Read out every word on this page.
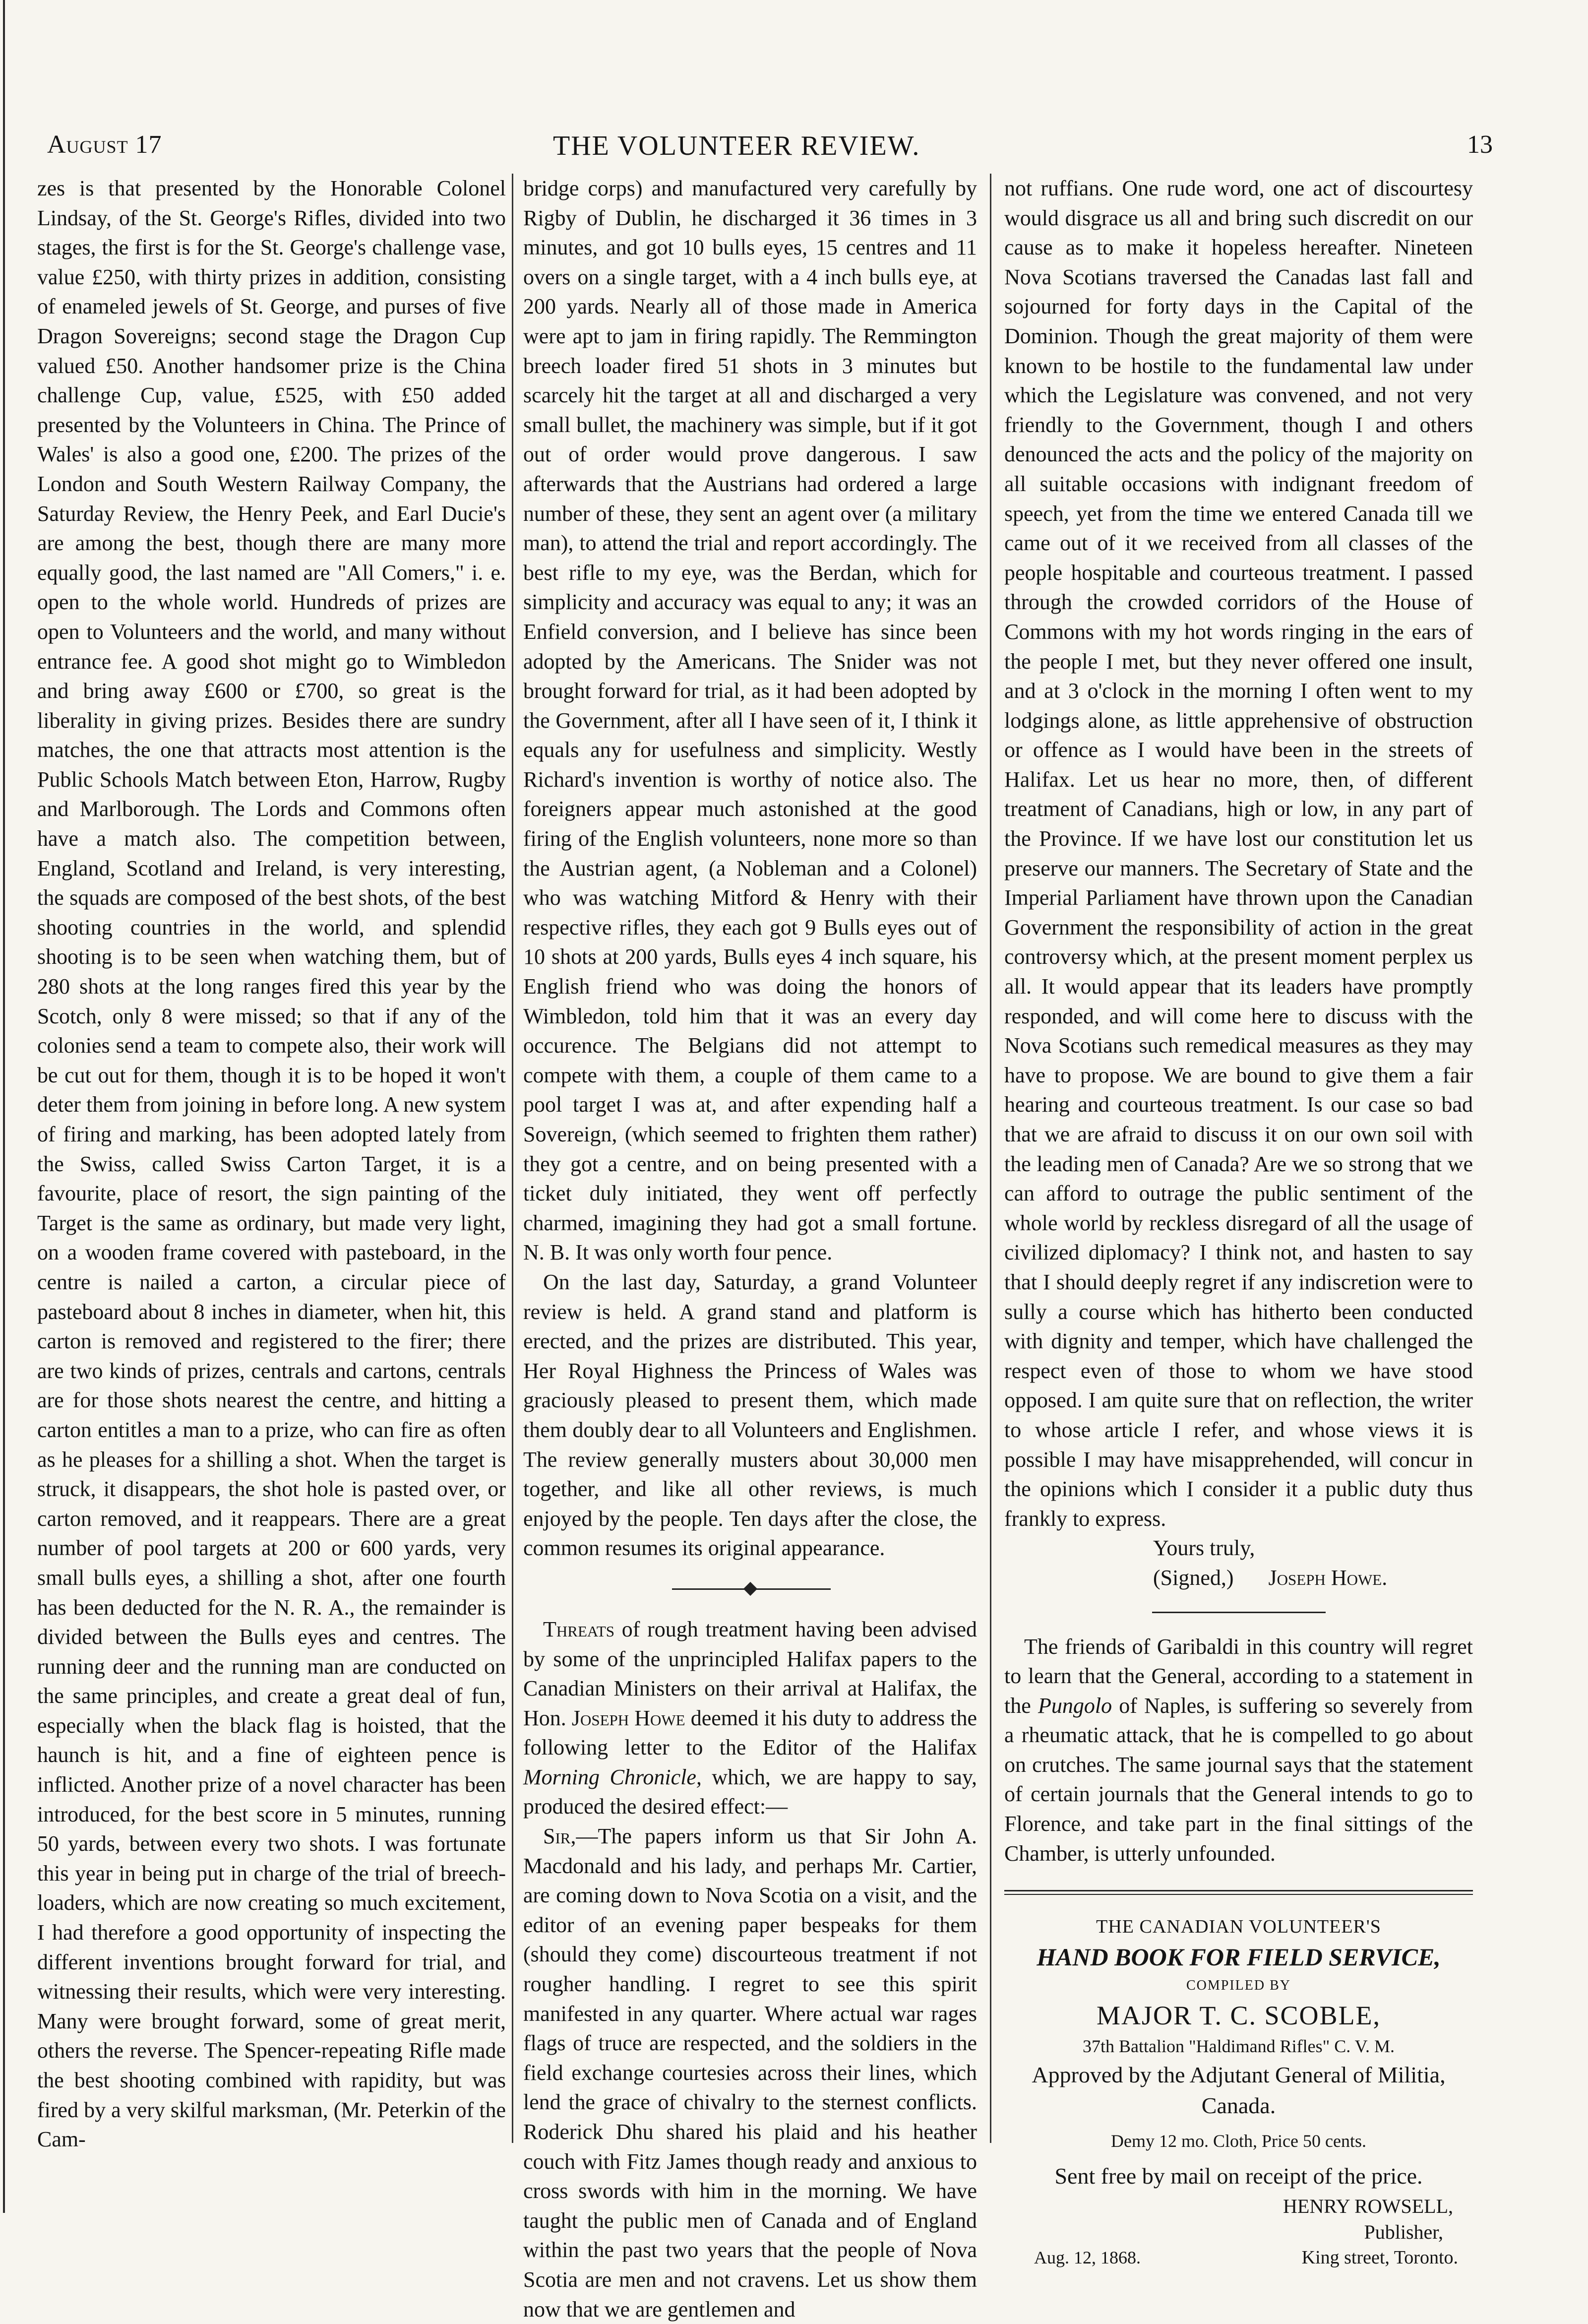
August 17	THE VOLUNTEER REVIEW.	13

zes is that presented by the Honorable Colonel Lindsay, of the St. George's Rifles, divided into two stages, the first is for the St. George's challenge vase, value £250, with thirty prizes in addition, consisting of enameled jewels of St. George, and purses of five Dragon Sovereigns; second stage the Dragon Cup valued £50. Another handsomer prize is the China challenge Cup, value, £525, with £50 added presented by the Volunteers in China. The Prince of Wales' is also a good one, £200. The prizes of the London and South Western Railway Company, the Saturday Review, the Henry Peek, and Earl Ducie's are among the best, though there are many more equally good, the last named are "All Comers," i. e. open to the whole world. Hundreds of prizes are open to Volunteers and the world, and many without entrance fee. A good shot might go to Wimbledon and bring away £600 or £700, so great is the liberality in giving prizes. Besides there are sundry matches, the one that attracts most attention is the Public Schools Match between Eton, Harrow, Rugby and Marlborough. The Lords and Commons often have a match also. The competition between, England, Scotland and Ireland, is very interesting, the squads are composed of the best shots, of the best shooting countries in the world, and splendid shooting is to be seen when watching them, but of 280 shots at the long ranges fired this year by the Scotch, only 8 were missed; so that if any of the colonies send a team to compete also, their work will be cut out for them, though it is to be hoped it won't deter them from joining in before long. A new system of firing and marking, has been adopted lately from the Swiss, called Swiss Carton Target, it is a favourite, place of resort, the sign painting of the Target is the same as ordinary, but made very light, on a wooden frame covered with pasteboard, in the centre is nailed a carton, a circular piece of pasteboard about 8 inches in diameter, when hit, this carton is removed and registered to the firer; there are two kinds of prizes, centrals and cartons, centrals are for those shots nearest the centre, and hitting a carton entitles a man to a prize, who can fire as often as he pleases for a shilling a shot. When the target is struck, it disappears, the shot hole is pasted over, or carton removed, and it reappears. There are a great number of pool targets at 200 or 600 yards, very small bulls eyes, a shilling a shot, after one fourth has been deducted for the N. R. A., the remainder is divided between the Bulls eyes and centres. The running deer and the running man are conducted on the same principles, and create a great deal of fun, especially when the black flag is hoisted, that the haunch is hit, and a fine of eighteen pence is inflicted. Another prize of a novel character has been introduced, for the best score in 5 minutes, running 50 yards, between every two shots. I was fortunate this year in being put in charge of the trial of breech-loaders, which are now creating so much excitement, I had therefore a good opportunity of inspecting the different inventions brought forward for trial, and witnessing their results, which were very interesting. Many were brought forward, some of great merit, others the reverse. The Spencer-repeating Rifle made the best shooting combined with rapidity, but was fired by a very skilful marksman, (Mr. Peterkin of the Cam-

bridge corps) and manufactured very carefully by Rigby of Dublin, he discharged it 36 times in 3 minutes, and got 10 bulls eyes, 15 centres and 11 overs on a single target, with a 4 inch bulls eye, at 200 yards. Nearly all of those made in America were apt to jam in firing rapidly. The Remmington breech loader fired 51 shots in 3 minutes but scarcely hit the target at all and discharged a very small bullet, the machinery was simple, but if it got out of order would prove dangerous. I saw afterwards that the Austrians had ordered a large number of these, they sent an agent over (a military man), to attend the trial and report accordingly. The best rifle to my eye, was the Berdan, which for simplicity and accuracy was equal to any; it was an Enfield conversion, and I believe has since been adopted by the Americans. The Snider was not brought forward for trial, as it had been adopted by the Government, after all I have seen of it, I think it equals any for usefulness and simplicity. Westly Richard's invention is worthy of notice also. The foreigners appear much astonished at the good firing of the English volunteers, none more so than the Austrian agent, (a Nobleman and a Colonel) who was watching Mitford & Henry with their respective rifles, they each got 9 Bulls eyes out of 10 shots at 200 yards, Bulls eyes 4 inch square, his English friend who was doing the honors of Wimbledon, told him that it was an every day occurence. The Belgians did not attempt to compete with them, a couple of them came to a pool target I was at, and after expending half a Sovereign, (which seemed to frighten them rather) they got a centre, and on being presented with a ticket duly initiated, they went off perfectly charmed, imagining they had got a small fortune. N. B. It was only worth four pence.

On the last day, Saturday, a grand Volunteer review is held. A grand stand and platform is erected, and the prizes are distributed. This year, Her Royal Highness the Princess of Wales was graciously pleased to present them, which made them doubly dear to all Volunteers and Englishmen. The review generally musters about 30,000 men together, and like all other reviews, is much enjoyed by the people. Ten days after the close, the common resumes its original appearance.

Threats of rough treatment having been advised by some of the unprincipled Halifax papers to the Canadian Ministers on their arrival at Halifax, the Hon. Joseph Howe deemed it his duty to address the following letter to the Editor of the Halifax Morning Chronicle, which, we are happy to say, produced the desired effect:—

Sir,—The papers inform us that Sir John A. Macdonald and his lady, and perhaps Mr. Cartier, are coming down to Nova Scotia on a visit, and the editor of an evening paper bespeaks for them (should they come) discourteous treatment if not rougher handling. I regret to see this spirit manifested in any quarter. Where actual war rages flags of truce are respected, and the soldiers in the field exchange courtesies across their lines, which lend the grace of chivalry to the sternest conflicts. Roderick Dhu shared his plaid and his heather couch with Fitz James though ready and anxious to cross swords with him in the morning. We have taught the public men of Canada and of England within the past two years that the people of Nova Scotia are men and not cravens. Let us show them now that we are gentlemen and

not ruffians. One rude word, one act of discourtesy would disgrace us all and bring such discredit on our cause as to make it hopeless hereafter. Nineteen Nova Scotians traversed the Canadas last fall and sojourned for forty days in the Capital of the Dominion. Though the great majority of them were known to be hostile to the fundamental law under which the Legislature was convened, and not very friendly to the Government, though I and others denounced the acts and the policy of the majority on all suitable occasions with indignant freedom of speech, yet from the time we entered Canada till we came out of it we received from all classes of the people hospitable and courteous treatment. I passed through the crowded corridors of the House of Commons with my hot words ringing in the ears of the people I met, but they never offered one insult, and at 3 o'clock in the morning I often went to my lodgings alone, as little apprehensive of obstruction or offence as I would have been in the streets of Halifax. Let us hear no more, then, of different treatment of Canadians, high or low, in any part of the Province. If we have lost our constitution let us preserve our manners. The Secretary of State and the Imperial Parliament have thrown upon the Canadian Government the responsibility of action in the great controversy which, at the present moment perplex us all. It would appear that its leaders have promptly responded, and will come here to discuss with the Nova Scotians such remedical measures as they may have to propose. We are bound to give them a fair hearing and courteous treatment. Is our case so bad that we are afraid to discuss it on our own soil with the leading men of Canada? Are we so strong that we can afford to outrage the public sentiment of the whole world by reckless disregard of all the usage of civilized diplomacy? I think not, and hasten to say that I should deeply regret if any indiscretion were to sully a course which has hitherto been conducted with dignity and temper, which have challenged the respect even of those to whom we have stood opposed. I am quite sure that on reflection, the writer to whose article I refer, and whose views it is possible I may have misapprehended, will concur in the opinions which I consider it a public duty thus frankly to express.

Yours truly,

(Signed,) Joseph Howe.

The friends of Garibaldi in this country will regret to learn that the General, according to a statement in the Pungolo of Naples, is suffering so severely from a rheumatic attack, that he is compelled to go about on crutches. The same journal says that the statement of certain journals that the General intends to go to Florence, and take part in the final sittings of the Chamber, is utterly unfounded.

THE CANADIAN VOLUNTEER'S
HAND BOOK FOR FIELD SERVICE,
COMPILED BY
MAJOR T. C. SCOBLE,
37th Battalion "Haldimand Rifles" C. V. M.
Approved by the Adjutant General of Militia, Canada.
Demy 12 mo. Cloth, Price 50 cents.
Sent free by mail on receipt of the price.
HENRY ROWSELL,
Publisher,
Aug. 12, 1868.	King street, Toronto.
